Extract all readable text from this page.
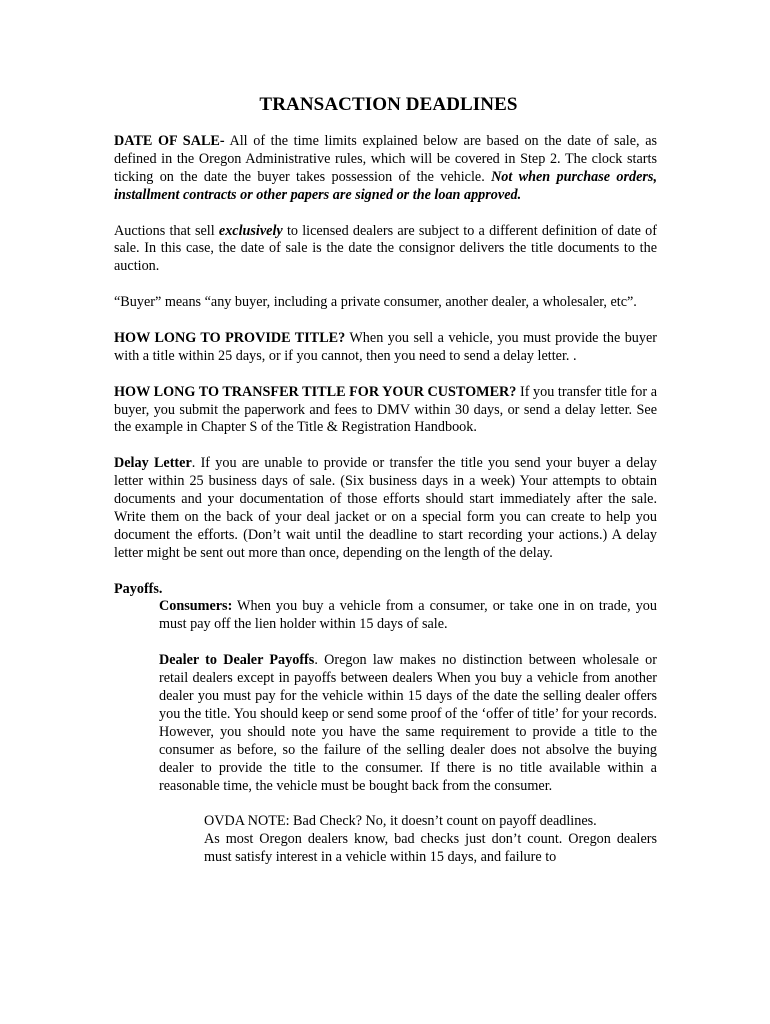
TRANSACTION DEADLINES

DATE OF SALE- All of the time limits explained below are based on the date of sale, as defined in the Oregon Administrative rules, which will be covered in Step 2. The clock starts ticking on the date the buyer takes possession of the vehicle. Not when purchase orders, installment contracts or other papers are signed or the loan approved.

Auctions that sell exclusively to licensed dealers are subject to a different definition of date of sale. In this case, the date of sale is the date the consignor delivers the title documents to the auction.

“Buyer” means “any buyer, including a private consumer, another dealer, a wholesaler, etc”.

HOW LONG TO PROVIDE TITLE? When you sell a vehicle, you must provide the buyer with a title within 25 days, or if you cannot, then you need to send a delay letter. .

HOW LONG TO TRANSFER TITLE FOR YOUR CUSTOMER? If you transfer title for a buyer, you submit the paperwork and fees to DMV within 30 days, or send a delay letter. See the example in Chapter S of the Title & Registration Handbook.

Delay Letter. If you are unable to provide or transfer the title you send your buyer a delay letter within 25 business days of sale. (Six business days in a week) Your attempts to obtain documents and your documentation of those efforts should start immediately after the sale. Write them on the back of your deal jacket or on a special form you can create to help you document the efforts. (Don’t wait until the deadline to start recording your actions.) A delay letter might be sent out more than once, depending on the length of the delay.

Payoffs.

Consumers: When you buy a vehicle from a consumer, or take one in on trade, you must pay off the lien holder within 15 days of sale.

Dealer to Dealer Payoffs. Oregon law makes no distinction between wholesale or retail dealers except in payoffs between dealers When you buy a vehicle from another dealer you must pay for the vehicle within 15 days of the date the selling dealer offers you the title. You should keep or send some proof of the ‘offer of title’ for your records. However, you should note you have the same requirement to provide a title to the consumer as before, so the failure of the selling dealer does not absolve the buying dealer to provide the title to the consumer. If there is no title available within a reasonable time, the vehicle must be bought back from the consumer.

OVDA NOTE: Bad Check? No, it doesn’t count on payoff deadlines.

As most Oregon dealers know, bad checks just don’t count. Oregon dealers must satisfy interest in a vehicle within 15 days, and failure to
